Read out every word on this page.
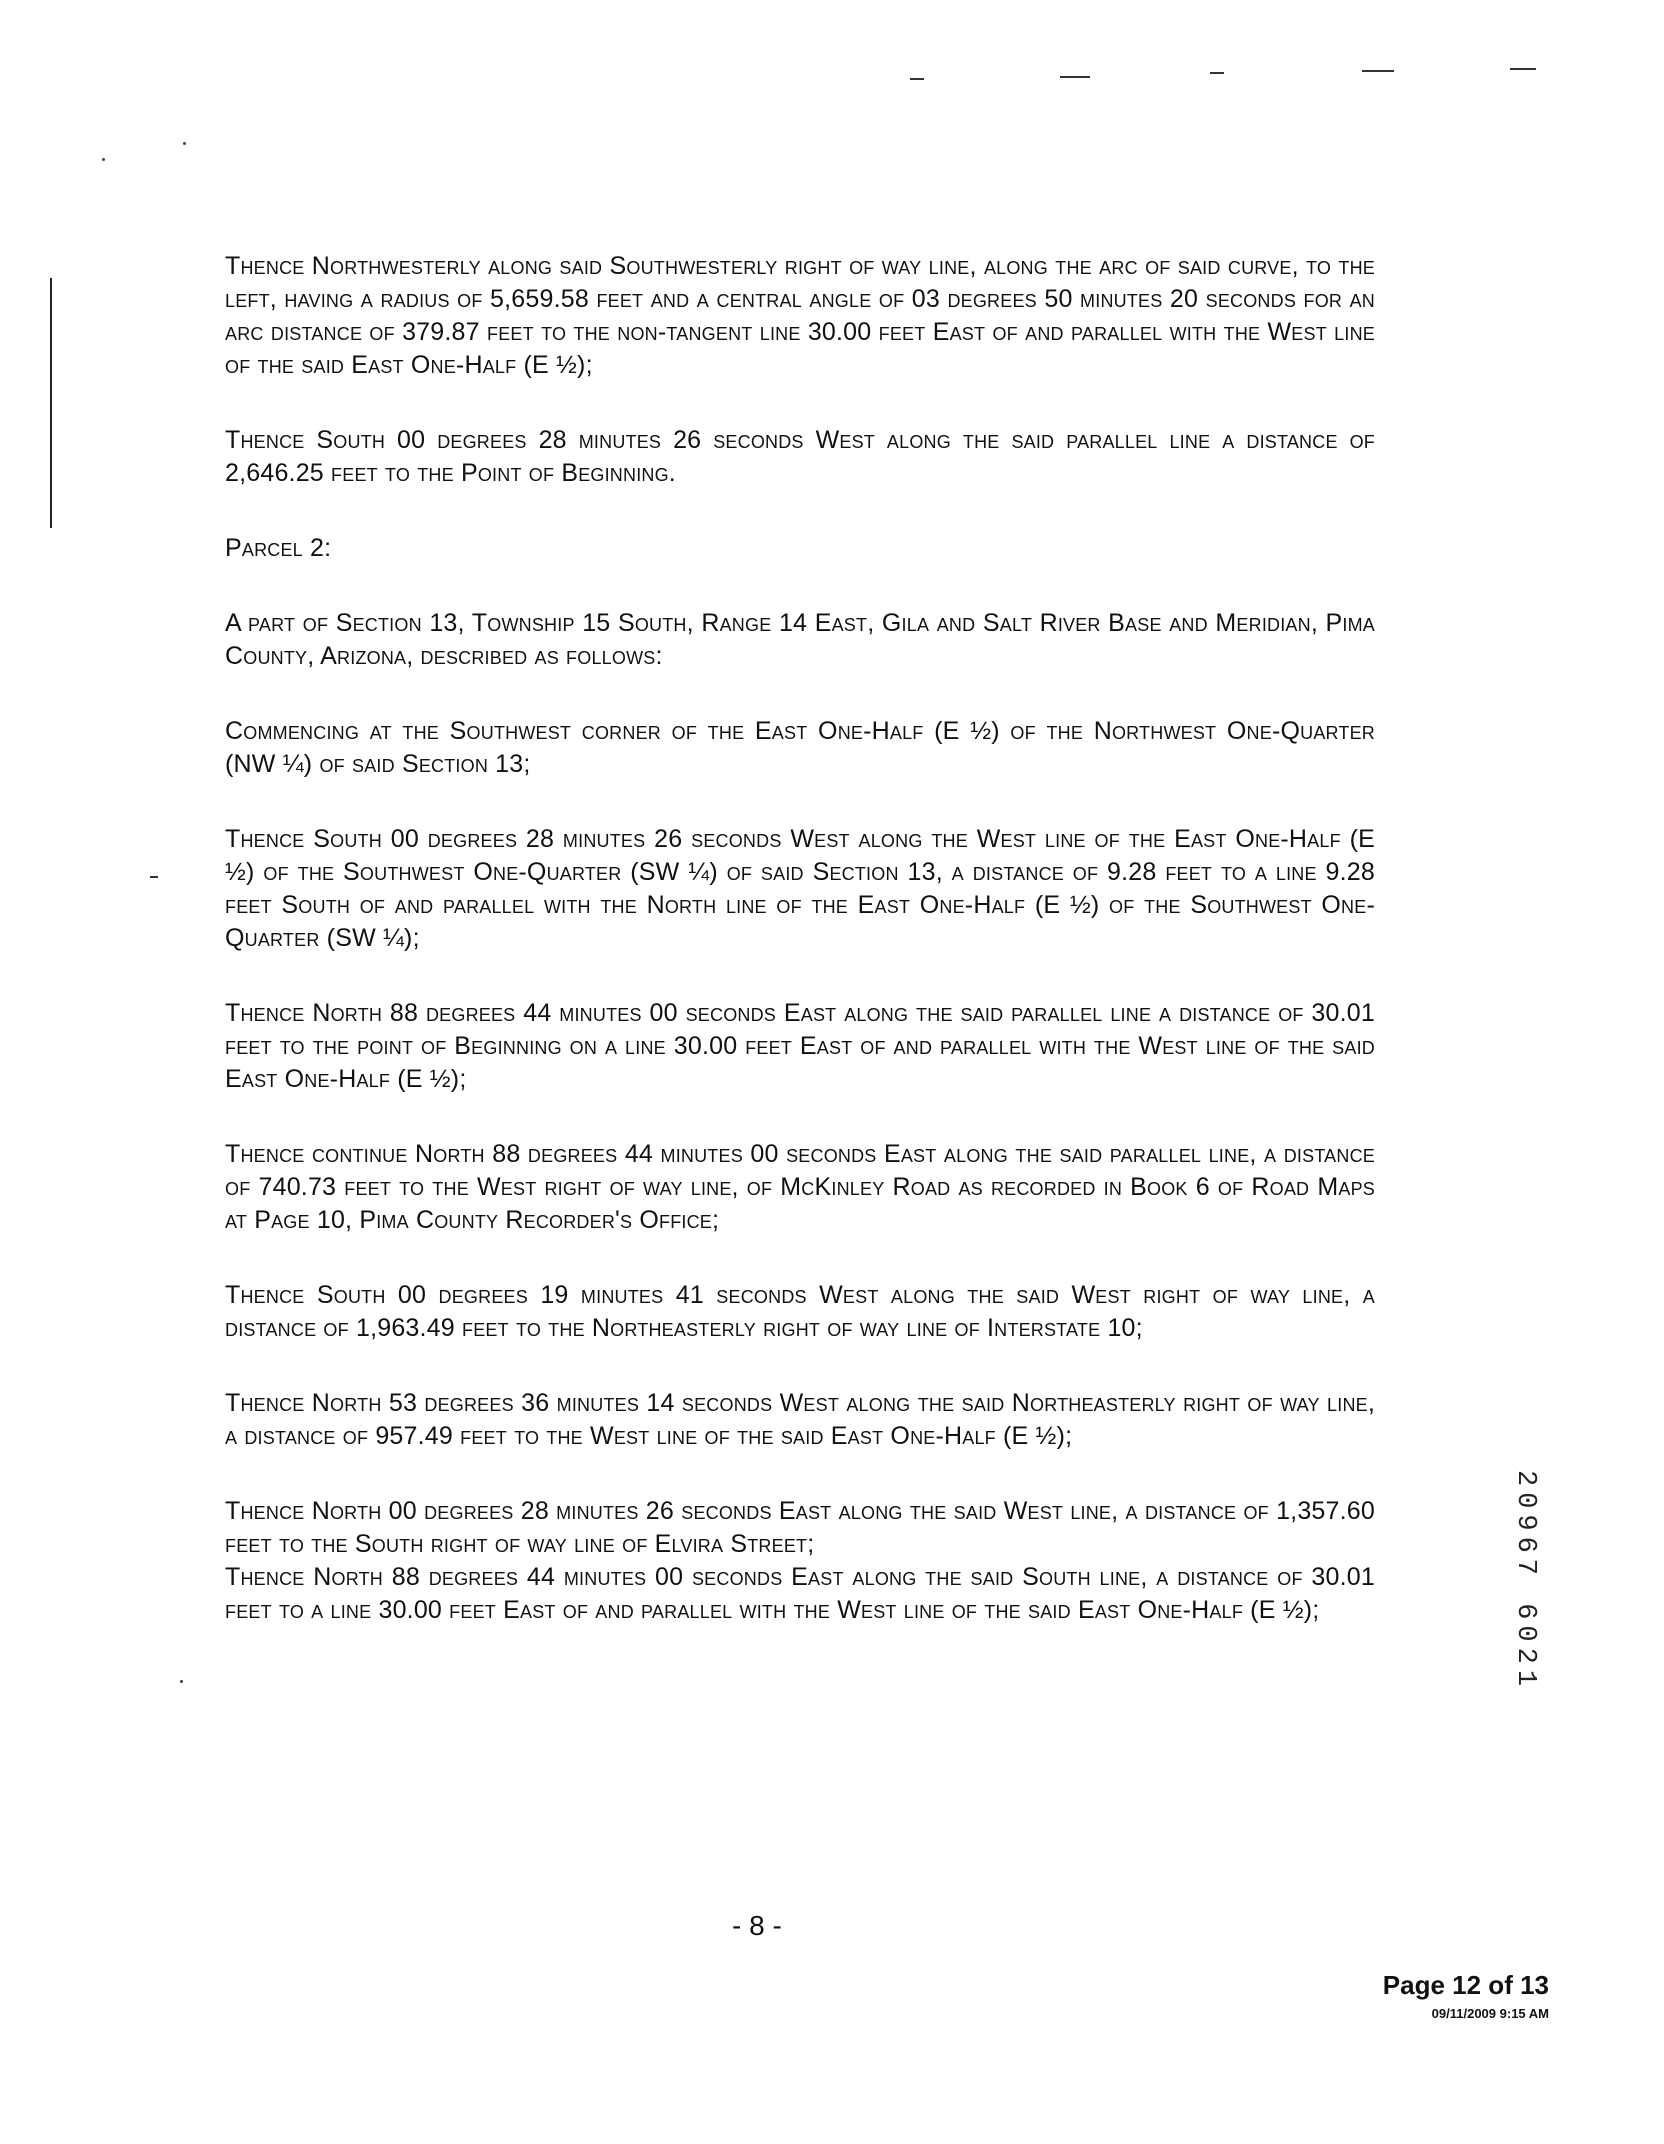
Thence Northwesterly along said Southwesterly right of way line, along the arc of said curve, to the left, having a radius of 5,659.58 feet and a central angle of 03 degrees 50 minutes 20 seconds for an arc distance of 379.87 feet to the non-tangent line 30.00 feet East of and parallel with the West line of the said East One-Half (E ½);

Thence South 00 degrees 28 minutes 26 seconds West along the said parallel line a distance of 2,646.25 feet to the Point of Beginning.

Parcel 2:

A part of Section 13, Township 15 South, Range 14 East, Gila and Salt River Base and Meridian, Pima County, Arizona, described as follows:

Commencing at the Southwest corner of the East One-Half (E ½) of the Northwest One-Quarter (NW ¼) of said Section 13;

Thence South 00 degrees 28 minutes 26 seconds West along the West line of the East One-Half (E ½) of the Southwest One-Quarter (SW ¼) of said Section 13, a distance of 9.28 feet to a line 9.28 feet South of and parallel with the North line of the East One-Half (E ½) of the Southwest One-Quarter (SW ¼);

Thence North 88 degrees 44 minutes 00 seconds East along the said parallel line a distance of 30.01 feet to the point of Beginning on a line 30.00 feet East of and parallel with the West line of the said East One-Half (E ½);

Thence continue North 88 degrees 44 minutes 00 seconds East along the said parallel line, a distance of 740.73 feet to the West right of way line, of McKinley Road as recorded in Book 6 of Road Maps at Page 10, Pima County Recorder's Office;

Thence South 00 degrees 19 minutes 41 seconds West along the said West right of way line, a distance of 1,963.49 feet to the Northeasterly right of way line of Interstate 10;

Thence North 53 degrees 36 minutes 14 seconds West along the said Northeasterly right of way line, a distance of 957.49 feet to the West line of the said East One-Half (E ½);

Thence North 00 degrees 28 minutes 26 seconds East along the said West line, a distance of 1,357.60 feet to the South right of way line of Elvira Street;

Thence North 88 degrees 44 minutes 00 seconds East along the said South line, a distance of 30.01 feet to a line 30.00 feet East of and parallel with the West line of the said East One-Half (E ½);	20967 6021
- 8 -
Page 12 of 13
09/11/2009 9:15 AM
